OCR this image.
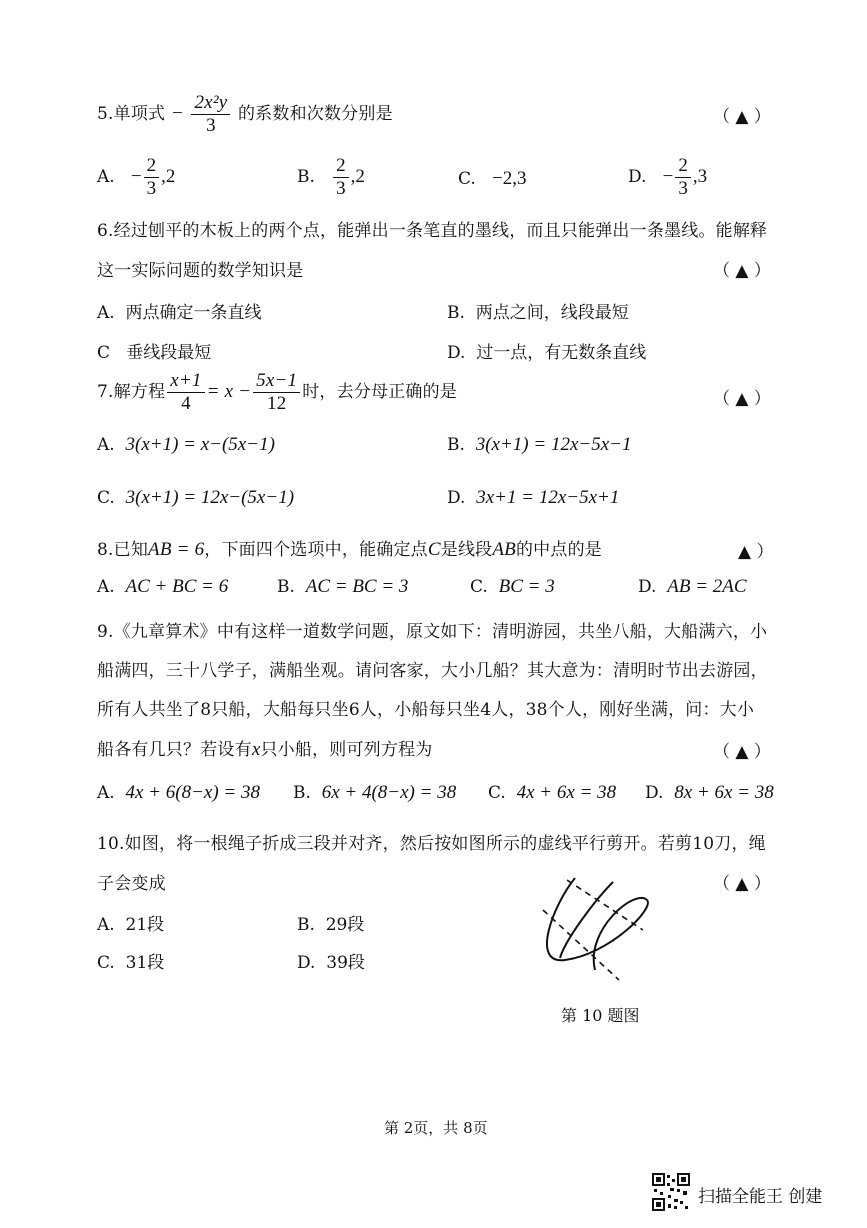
5.单项式 − $\frac{\text{2x²y}}{3}$ 的系数和次数分别是	（ ▲ ）
A. − $\frac{2}{3} ,2$	B. $\frac{2}{3} ,2$	C. −2,3	D. − $\frac{2}{3} ,3$
6.经过刨平的木板上的两个点，能弹出一条笔直的墨线，而且只能弹出一条墨线。能解释
这一实际问题的数学知识是	（ ▲ ）
A. 两点确定一条直线	B. 两点之间，线段最短
C 垂线段最短	D. 过一点，有无数条直线
7.解方程 $\frac{x+1}{4} = x - \frac{5x-1}{12}$ 时，去分母正确的是	（ ▲ ）
A. 3(x+1) = x−(5x−1)	B. 3(x+1) = 12x−5x−1
C. 3(x+1) = 12x−(5x−1)	D. 3x+1 = 12x−5x+1
8.已知AB = 6，下面四个选项中，能确定点C是线段AB的中点的是	▲ ）
A. AC + BC = 6	B. AC = BC = 3	C. BC = 3	D. AB = 2AC
9.《九章算术》中有这样一道数学问题，原文如下：清明游园，共坐八船，大船满六，小
船满四，三十八学子，满船坐观。请问客家，大小几船？其大意为：清明时节出去游园，
所有人共坐了8只船，大船每只坐6人，小船每只坐4人，38个人，刚好坐满，问：大小
船各有几只？若设有x只小船，则可列方程为	（ ▲ ）
A. 4x + 6(8−x) = 38 B. 6x + 4(8−x) = 38 C. 4x + 6x = 38 D. 8x + 6x = 38
10.如图，将一根绳子折成三段并对齐，然后按如图所示的虚线平行剪开。若剪10刀，绳
子会变成	（ ▲ ）
A. 21段	B. 29段
C. 31段	D. 39段
第 10 题图
第 2页，共 8页
扫描全能王 创建
